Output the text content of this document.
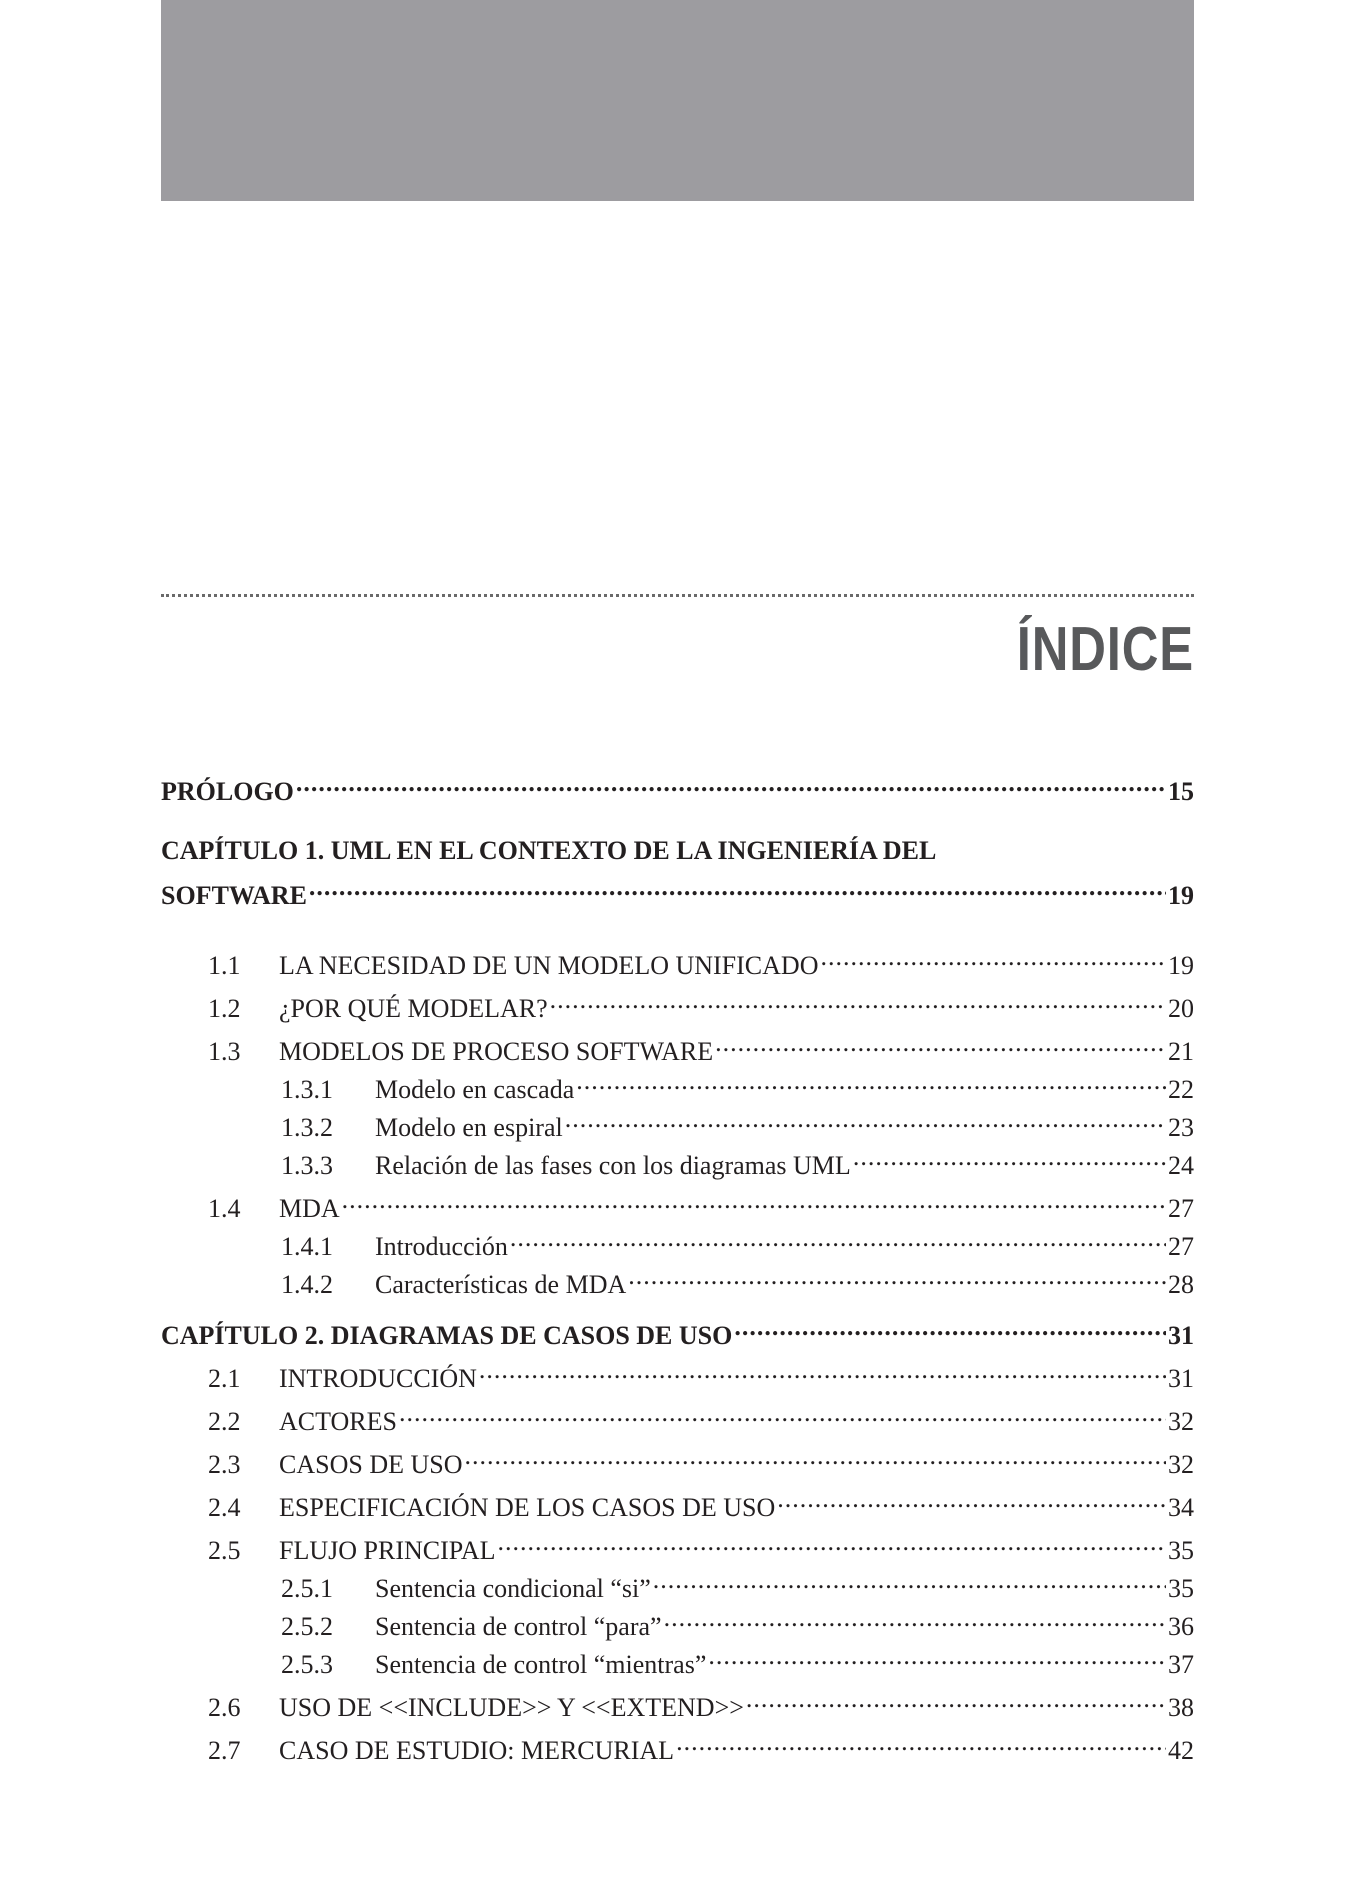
ÍNDICE
PRÓLOGO .....	15
CAPÍTULO 1. UML EN EL CONTEXTO DE LA INGENIERÍA DEL
SOFTWARE .....	19
1.1	LA NECESIDAD DE UN MODELO UNIFICADO .....	19
1.2	¿POR QUÉ MODELAR? .....	20
1.3	MODELOS DE PROCESO SOFTWARE .....	21
1.3.1	Modelo en cascada .....	22
1.3.2	Modelo en espiral .....	23
1.3.3	Relación de las fases con los diagramas UML .....	24
1.4	MDA .....	27
1.4.1	Introducción .....	27
1.4.2	Características de MDA .....	28
CAPÍTULO 2. DIAGRAMAS DE CASOS DE USO .....	31
2.1	INTRODUCCIÓN .....	31
2.2	ACTORES .....	32
2.3	CASOS DE USO .....	32
2.4	ESPECIFICACIÓN DE LOS CASOS DE USO .....	34
2.5	FLUJO PRINCIPAL .....	35
2.5.1	Sentencia condicional “si” .....	35
2.5.2	Sentencia de control “para” .....	36
2.5.3	Sentencia de control “mientras” .....	37
2.6	USO DE <<INCLUDE>> Y <<EXTEND>> .....	38
2.7	CASO DE ESTUDIO: MERCURIAL .....	42
